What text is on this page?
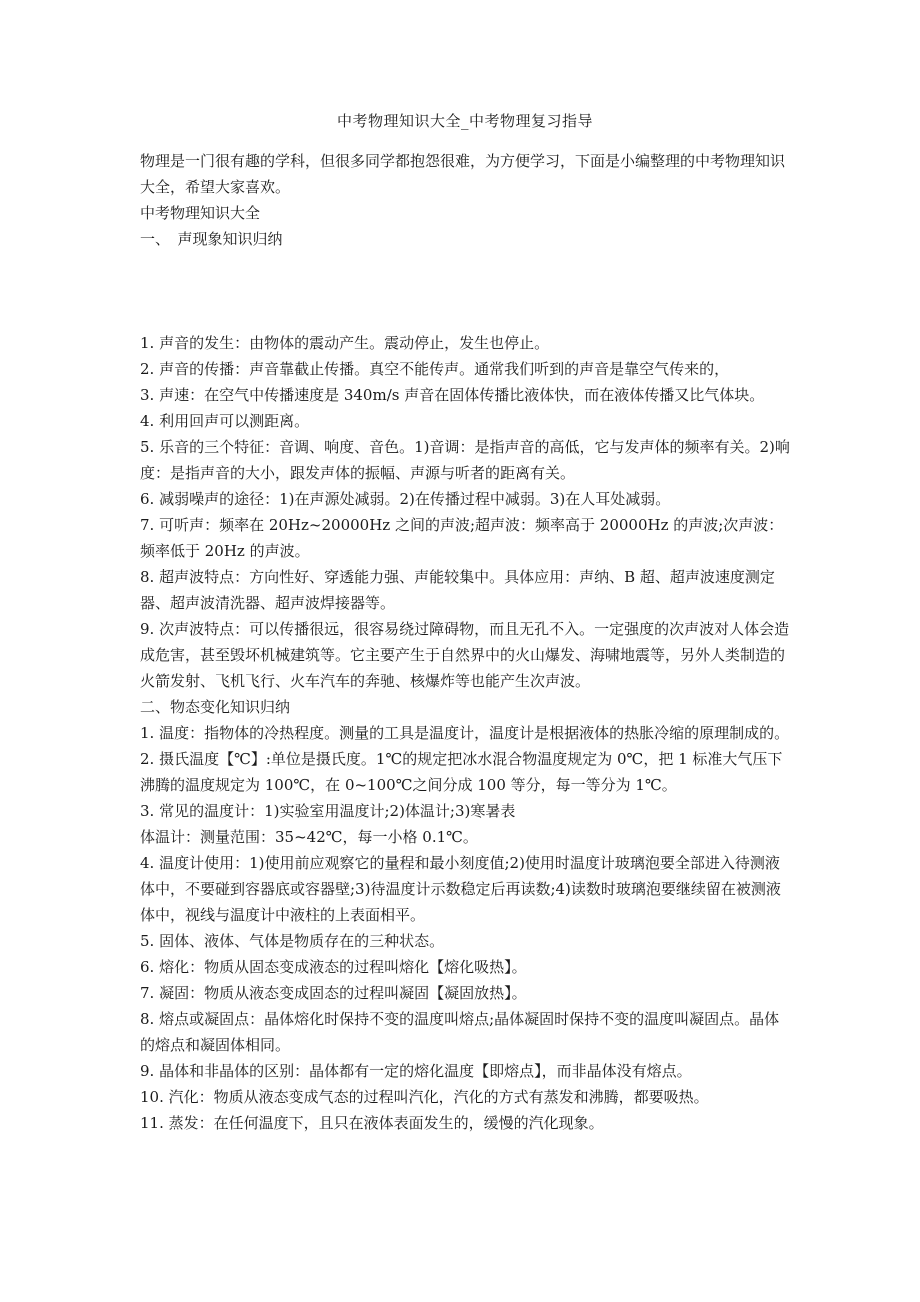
中考物理知识大全_中考物理复习指导

物理是一门很有趣的学科，但很多同学都抱怨很难，为方便学习，下面是小编整理的中考物理知识大全，希望大家喜欢。

中考物理知识大全

一、　声现象知识归纳

1. 声音的发生：由物体的震动产生。震动停止，发生也停止。

2. 声音的传播：声音靠截止传播。真空不能传声。通常我们听到的声音是靠空气传来的，

3. 声速：在空气中传播速度是 340m/s 声音在固体传播比液体快，而在液体传播又比气体块。

4. 利用回声可以测距离。

5. 乐音的三个特征：音调、响度、音色。1)音调：是指声音的高低，它与发声体的频率有关。2)响度：是指声音的大小，跟发声体的振幅、声源与听者的距离有关。

6. 减弱噪声的途径：1)在声源处减弱。2)在传播过程中减弱。3)在人耳处减弱。

7. 可听声：频率在 20Hz~20000Hz 之间的声波;超声波：频率高于 20000Hz 的声波;次声波：频率低于 20Hz 的声波。

8. 超声波特点：方向性好、穿透能力强、声能较集中。具体应用：声纳、B 超、超声波速度测定器、超声波清洗器、超声波焊接器等。

9. 次声波特点：可以传播很远，很容易绕过障碍物，而且无孔不入。一定强度的次声波对人体会造成危害，甚至毁坏机械建筑等。它主要产生于自然界中的火山爆发、海啸地震等，另外人类制造的火箭发射、飞机飞行、火车汽车的奔驰、核爆炸等也能产生次声波。

二、物态变化知识归纳

1. 温度：指物体的冷热程度。测量的工具是温度计，温度计是根据液体的热胀冷缩的原理制成的。

2. 摄氏温度【℃】:单位是摄氏度。1℃的规定把冰水混合物温度规定为 0℃，把 1 标准大气压下沸腾的温度规定为 100℃，在 0~100℃之间分成 100 等分，每一等分为 1℃。

3. 常见的温度计：1)实验室用温度计;2)体温计;3)寒暑表

体温计：测量范围：35~42℃，每一小格 0.1℃。

4. 温度计使用：1)使用前应观察它的量程和最小刻度值;2)使用时温度计玻璃泡要全部进入待测液体中，不要碰到容器底或容器壁;3)待温度计示数稳定后再读数;4)读数时玻璃泡要继续留在被测液体中，视线与温度计中液柱的上表面相平。

5. 固体、液体、气体是物质存在的三种状态。

6. 熔化：物质从固态变成液态的过程叫熔化【熔化吸热】。

7. 凝固：物质从液态变成固态的过程叫凝固【凝固放热】。

8. 熔点或凝固点：晶体熔化时保持不变的温度叫熔点;晶体凝固时保持不变的温度叫凝固点。晶体的熔点和凝固体相同。

9. 晶体和非晶体的区别：晶体都有一定的熔化温度【即熔点】，而非晶体没有熔点。

10. 汽化：物质从液态变成气态的过程叫汽化，汽化的方式有蒸发和沸腾，都要吸热。

11. 蒸发：在任何温度下，且只在液体表面发生的，缓慢的汽化现象。
